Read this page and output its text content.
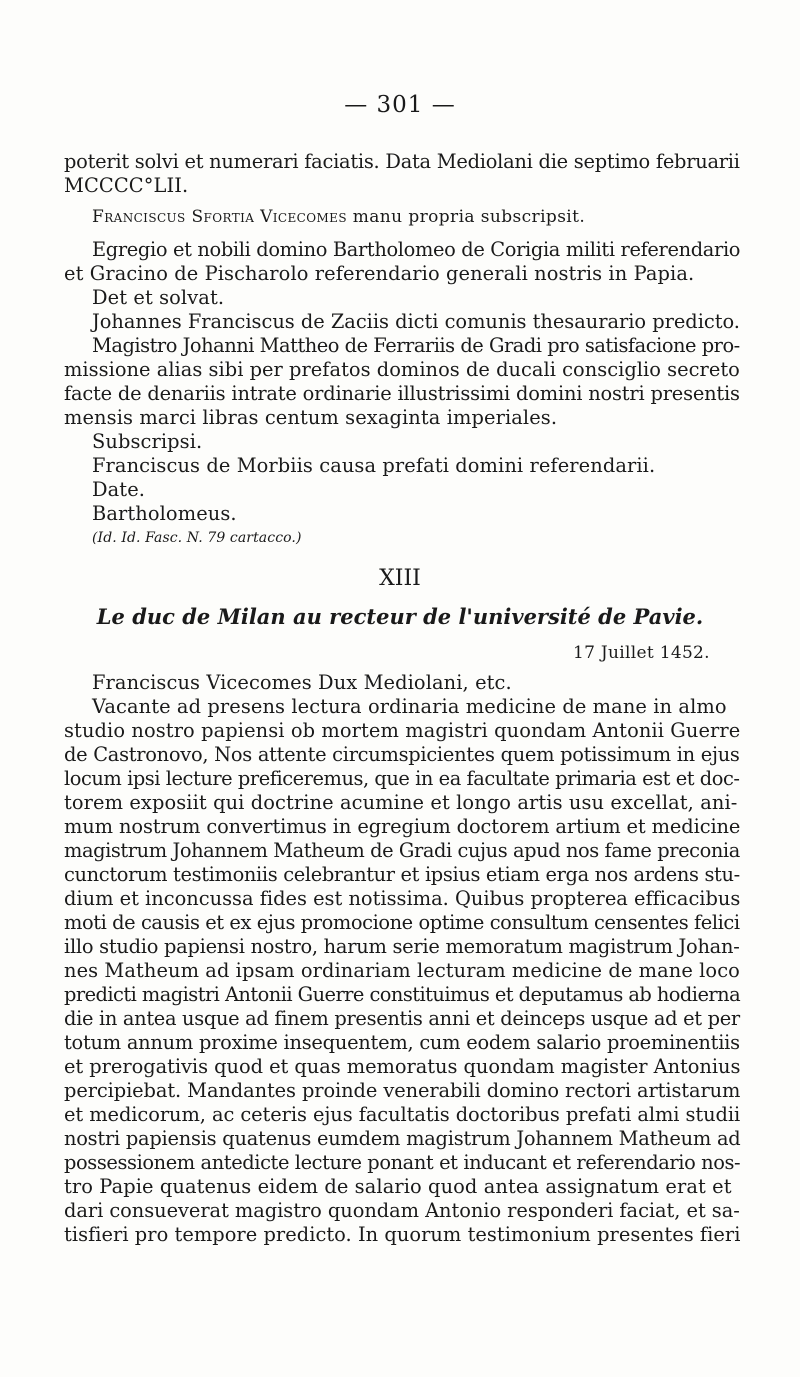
— 301 —
poterit solvi et numerari faciatis. Data Mediolani die septimo februarii
MCCCC°LII.
Franciscus Sfortia Vicecomes manu propria subscripsit.
Egregio et nobili domino Bartholomeo de Corigia militi referendario
et Gracino de Pischarolo referendario generali nostris in Papia.
Det et solvat.
Johannes Franciscus de Zaciis dicti comunis thesaurario predicto.
Magistro Johanni Mattheo de Ferrariis de Gradi pro satisfacione pro-
missione alias sibi per prefatos dominos de ducali consciglio secreto
facte de denariis intrate ordinarie illustrissimi domini nostri presentis
mensis marci libras centum sexaginta imperiales.
Subscripsi.
Franciscus de Morbiis causa prefati domini referendarii.
Date.
Bartholomeus.
(Id. Id. Fasc. N. 79 cartacco.)
XIII
Le duc de Milan au recteur de l'université de Pavie.
17 Juillet 1452.
Franciscus Vicecomes Dux Mediolani, etc.
Vacante ad presens lectura ordinaria medicine de mane in almo
studio nostro papiensi ob mortem magistri quondam Antonii Guerre
de Castronovo, Nos attente circumspicientes quem potissimum in ejus
locum ipsi lecture preficeremus, que in ea facultate primaria est et doc-
torem exposiit qui doctrine acumine et longo artis usu excellat, ani-
mum nostrum convertimus in egregium doctorem artium et medicine
magistrum Johannem Matheum de Gradi cujus apud nos fame preconia
cunctorum testimoniis celebrantur et ipsius etiam erga nos ardens stu-
dium et inconcussa fides est notissima. Quibus propterea efficacibus
moti de causis et ex ejus promocione optime consultum censentes felici
illo studio papiensi nostro, harum serie memoratum magistrum Johan-
nes Matheum ad ipsam ordinariam lecturam medicine de mane loco
predicti magistri Antonii Guerre constituimus et deputamus ab hodierna
die in antea usque ad finem presentis anni et deinceps usque ad et per
totum annum proxime insequentem, cum eodem salario proeminentiis
et prerogativis quod et quas memoratus quondam magister Antonius
percipiebat. Mandantes proinde venerabili domino rectori artistarum
et medicorum, ac ceteris ejus facultatis doctoribus prefati almi studii
nostri papiensis quatenus eumdem magistrum Johannem Matheum ad
possessionem antedicte lecture ponant et inducant et referendario nos-
tro Papie quatenus eidem de salario quod antea assignatum erat et
dari consueverat magistro quondam Antonio responderi faciat, et sa-
tisfieri pro tempore predicto. In quorum testimonium presentes fieri
